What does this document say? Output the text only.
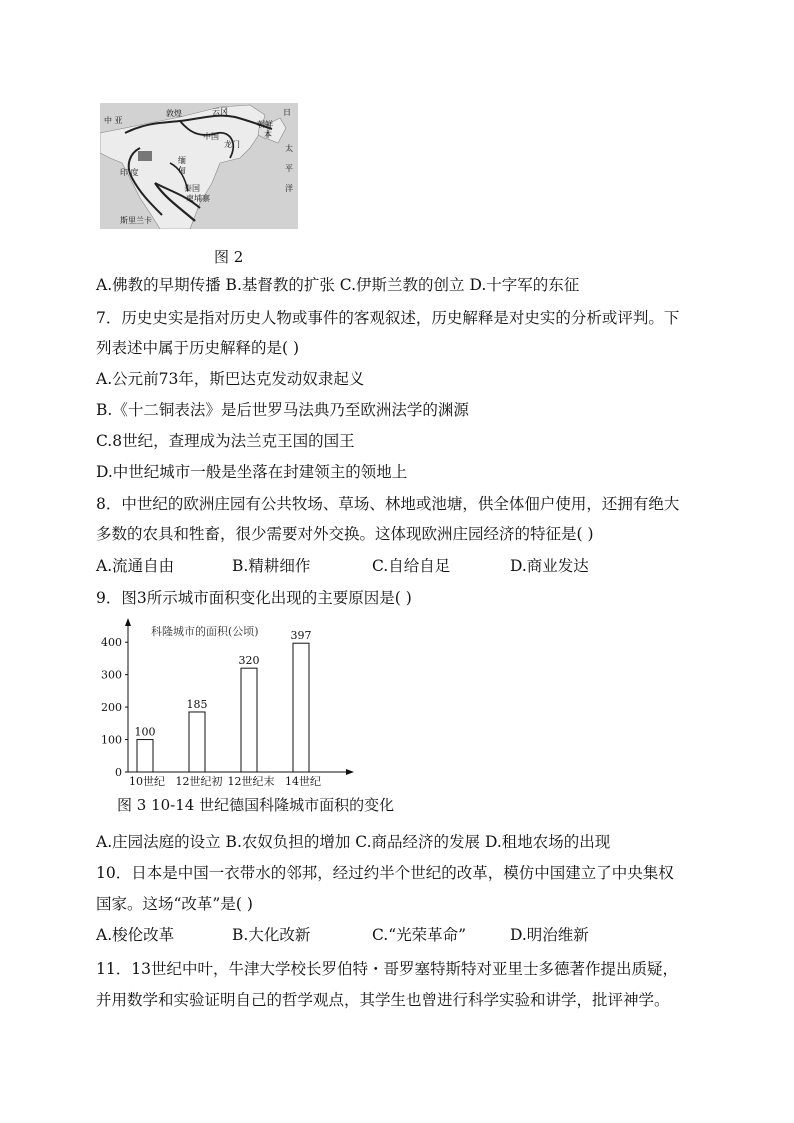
中 亚
敦煌	云冈
中国
朝鲜
日
本
龙门
印 度
缅
甸
泰国
柬埔寨
太
平
洋
斯里兰卡
图 2
A.佛教的早期传播 B.基督教的扩张 C.伊斯兰教的创立 D.十字军的东征
7．历史史实是指对历史人物或事件的客观叙述，历史解释是对史实的分析或评判。下
列表述中属于历史解释的是( )
A.公元前73年，斯巴达克发动奴隶起义
B.《十二铜表法》是后世罗马法典乃至欧洲法学的渊源
C.8世纪，查理成为法兰克王国的国王
D.中世纪城市一般是坐落在封建领主的领地上
8．中世纪的欧洲庄园有公共牧场、草场、林地或池塘，供全体佃户使用，还拥有绝大
多数的农具和牲畜，很少需要对外交换。这体现欧洲庄园经济的特征是( )
A.流通自由	B.精耕细作	C.自给自足	D.商业发达
9．图3所示城市面积变化出现的主要原因是( )
0
100
200
300
400
100
10世纪
185
12世纪初
320
12世纪末
397
14世纪
科隆城市的面积(公顷)
图 3 10-14 世纪德国科隆城市面积的变化
A.庄园法庭的设立 B.农奴负担的增加 C.商品经济的发展 D.租地农场的出现
10．日本是中国一衣带水的邻邦，经过约半个世纪的改革，模仿中国建立了中央集权
国家。这场“改革”是( )
A.梭伦改革	B.大化改新	C.“光荣革命”	D.明治维新
11．13世纪中叶，牛津大学校长罗伯特・哥罗塞特斯特对亚里士多德著作提出质疑，
并用数学和实验证明自己的哲学观点，其学生也曾进行科学实验和讲学，批评神学。
